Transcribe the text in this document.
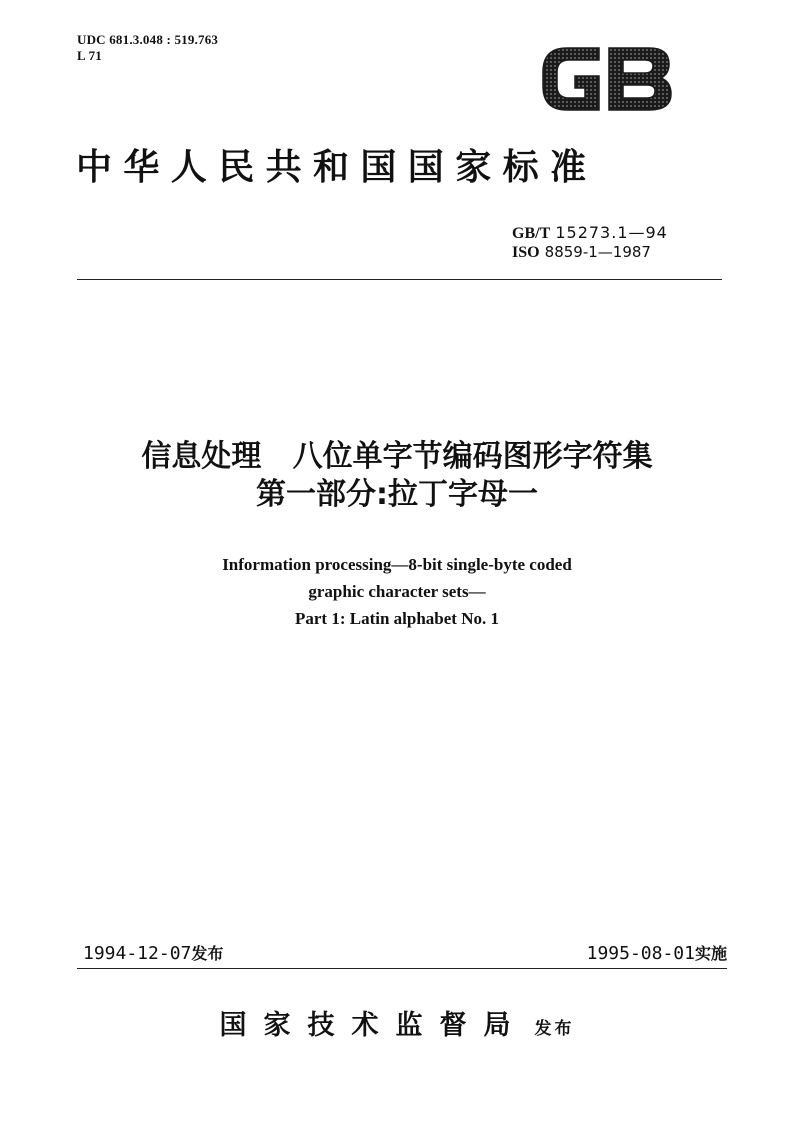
UDC 681.3.048 : 519.763
L 71
GB
中华人民共和国国家标准
GB/T 15273.1—94
ISO 8859-1—1987
信息处理   八位单字节编码图形字符集
第一部分:拉丁字母一
Information processing—8-bit single-byte coded
graphic character sets—
Part 1: Latin alphabet No. 1
1994-12-07发布	1995-08-01实施
国家技术监督局 发布
